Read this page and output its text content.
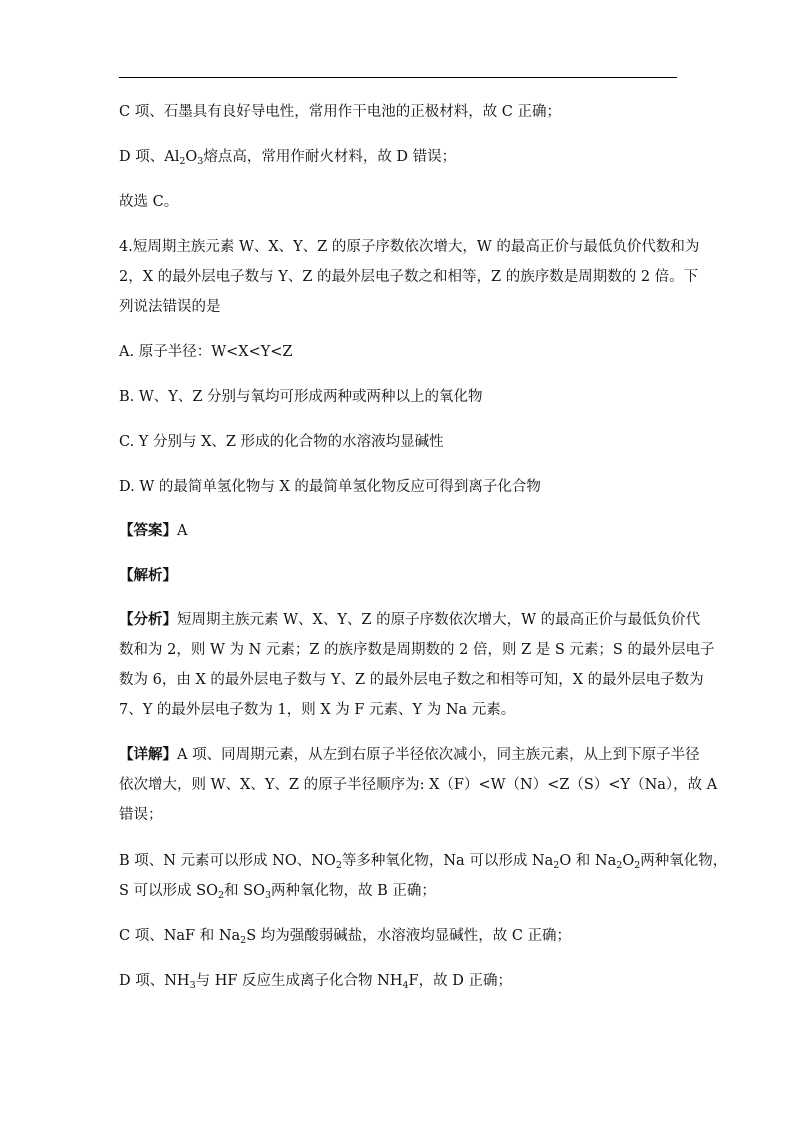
C 项、石墨具有良好导电性，常用作干电池的正极材料，故 C 正确；
D 项、$Al_2O_3$熔点高，常用作耐火材料，故 D 错误；
故选 C。
4.短周期主族元素 W、X、Y、Z 的原子序数依次增大，W 的最高正价与最低负价代数和为
2，X 的最外层电子数与 Y、Z 的最外层电子数之和相等，Z 的族序数是周期数的 2 倍。下
列说法错误的是
A. 原子半径：W<X<Y<Z
B. W、Y、Z 分别与氧均可形成两种或两种以上的氧化物
C. Y 分别与 X、Z 形成的化合物的水溶液均显碱性
D. W 的最简单氢化物与 X 的最简单氢化物反应可得到离子化合物
【答案】A
【解析】
【分析】短周期主族元素 W、X、Y、Z 的原子序数依次增大，W 的最高正价与最低负价代
数和为 2，则 W 为 N 元素；Z 的族序数是周期数的 2 倍，则 Z 是 S 元素；S 的最外层电子
数为 6，由 X 的最外层电子数与 Y、Z 的最外层电子数之和相等可知，X 的最外层电子数为
7、Y 的最外层电子数为 1，则 X 为 F 元素、Y 为 Na 元素。
【详解】A 项、同周期元素，从左到右原子半径依次减小，同主族元素，从上到下原子半径
依次增大，则 W、X、Y、Z 的原子半径顺序为: X（F）<W（N）<Z（S）<Y（Na），故 A
错误；
B 项、N 元素可以形成 NO、$NO_2$等多种氧化物，Na 可以形成 $Na_2O$ 和 $Na_2O_2$两种氧化物，
S 可以形成 $SO_2$和 $SO_3$两种氧化物，故 B 正确；
C 项、NaF 和 $Na_2S$ 均为强酸弱碱盐，水溶液均显碱性，故 C 正确；
D 项、$NH_3$与 HF 反应生成离子化合物 $NH_4F$，故 D 正确；
